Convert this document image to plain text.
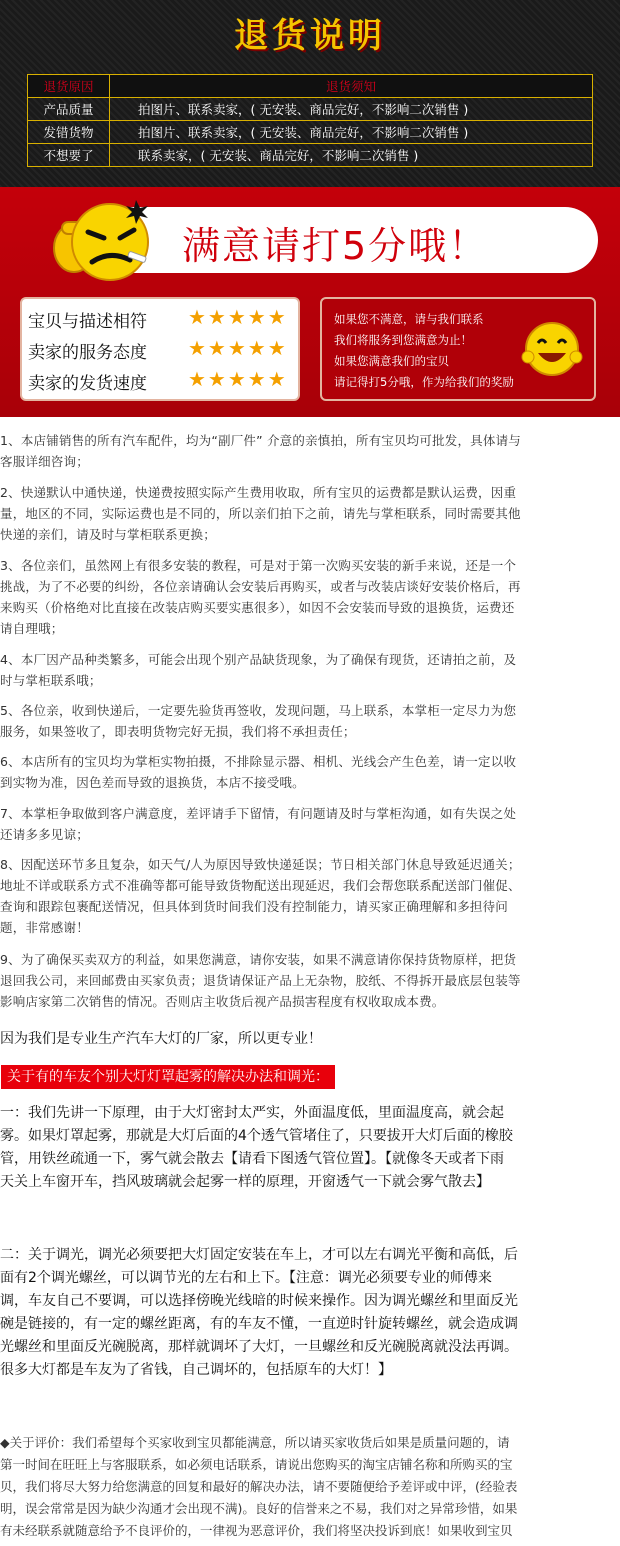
退货说明
退货原因	退货须知
产品质量	拍图片、联系卖家，( 无安装、商品完好，不影响二次销售 )
发错货物	拍图片、联系卖家，( 无安装、商品完好，不影响二次销售 )
不想要了	联系卖家，( 无安装、商品完好，不影响二次销售 )
满意请打5分哦！
宝贝与描述相符 ★★★★★
卖家的服务态度 ★★★★★
卖家的发货速度 ★★★★★
如果您不满意，请与我们联系
我们将服务到您满意为止！
如果您满意我们的宝贝
请记得打5分哦，作为给我们的奖励
1、本店铺销售的所有汽车配件，均为“副厂件” 介意的亲慎拍，所有宝贝均可批发，具体请与
客服详细咨询；
2、快递默认中通快递，快递费按照实际产生费用收取，所有宝贝的运费都是默认运费，因重
量，地区的不同，实际运费也是不同的，所以亲们拍下之前，请先与掌柜联系，同时需要其他
快递的亲们，请及时与掌柜联系更换；
3、各位亲们，虽然网上有很多安装的教程，可是对于第一次购买安装的新手来说，还是一个
挑战，为了不必要的纠纷，各位亲请确认会安装后再购买，或者与改装店谈好安装价格后，再
来购买（价格绝对比直接在改装店购买要实惠很多），如因不会安装而导致的退换货，运费还
请自理哦；
4、本厂因产品种类繁多，可能会出现个别产品缺货现象，为了确保有现货，还请拍之前，及
时与掌柜联系哦；
5、各位亲，收到快递后，一定要先验货再签收，发现问题，马上联系，本掌柜一定尽力为您
服务，如果签收了，即表明货物完好无损，我们将不承担责任；
6、本店所有的宝贝均为掌柜实物拍摄，不排除显示器、相机、光线会产生色差，请一定以收
到实物为准，因色差而导致的退换货，本店不接受哦。
7、本掌柜争取做到客户满意度，差评请手下留情，有问题请及时与掌柜沟通，如有失误之处
还请多多见谅；
8、因配送环节多且复杂，如天气/人为原因导致快递延误；节日相关部门休息导致延迟通关；
地址不详或联系方式不准确等都可能导致货物配送出现延迟，我们会帮您联系配送部门催促、
查询和跟踪包裹配送情况，但具体到货时间我们没有控制能力，请买家正确理解和多担待问
题，非常感谢！
9、为了确保买卖双方的利益，如果您满意，请你安装，如果不满意请你保持货物原样，把货
退回我公司，来回邮费由买家负责；退货请保证产品上无杂物，胶纸、不得拆开最底层包装等
影响店家第二次销售的情况。否则店主收货后视产品损害程度有权收取成本费。
因为我们是专业生产汽车大灯的厂家，所以更专业！
关于有的车友个别大灯灯罩起雾的解决办法和调光：
一：我们先讲一下原理，由于大灯密封太严实，外面温度低，里面温度高，就会起
雾。如果灯罩起雾，那就是大灯后面的4个透气管堵住了，只要拔开大灯后面的橡胶
管，用铁丝疏通一下，雾气就会散去【请看下图透气管位置】。【就像冬天或者下雨
天关上车窗开车，挡风玻璃就会起雾一样的原理，开窗透气一下就会雾气散去】
二：关于调光，调光必须要把大灯固定安装在车上，才可以左右调光平衡和高低，后
面有2个调光螺丝，可以调节光的左右和上下。【注意：调光必须要专业的师傅来
调，车友自己不要调，可以选择傍晚光线暗的时候来操作。因为调光螺丝和里面反光
碗是链接的，有一定的螺丝距离，有的车友不懂，一直逆时针旋转螺丝，就会造成调
光螺丝和里面反光碗脱离，那样就调坏了大灯，一旦螺丝和反光碗脱离就没法再调。
很多大灯都是车友为了省钱，自己调坏的，包括原车的大灯！】
◆关于评价：我们希望每个买家收到宝贝都能满意，所以请买家收货后如果是质量问题的，请
第一时间在旺旺上与客服联系，如必须电话联系，请说出您购买的淘宝店铺名称和所购买的宝
贝，我们将尽大努力给您满意的回复和最好的解决办法，请不要随便给予差评或中评，(经验表
明，误会常常是因为缺少沟通才会出现不满)。良好的信誉来之不易，我们对之异常珍惜，如果
有未经联系就随意给予不良评价的，一律视为恶意评价，我们将坚决投诉到底！如果收到宝贝
